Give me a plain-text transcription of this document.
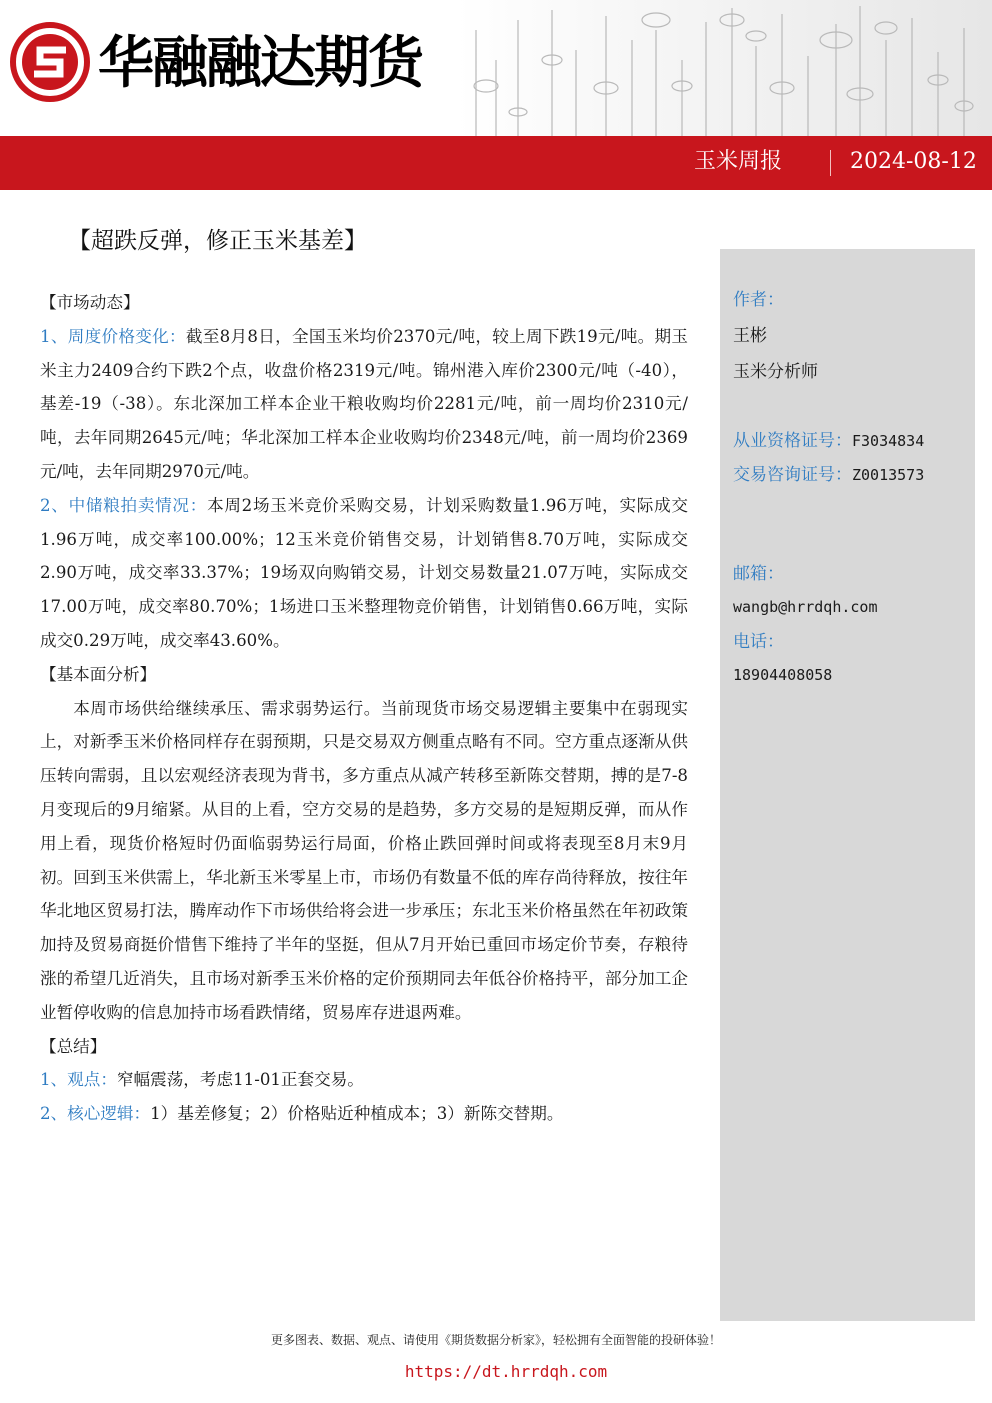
华融融达期货
玉米周报	2024-08-12
【超跌反弹，修正玉米基差】
作者：
王彬
玉米分析师
从业资格证号：F3034834
交易咨询证号：Z0013573
邮箱：
wangb@hrrdqh.com
电话：
18904408058

【市场动态】

1、周度价格变化：截至8月8日，全国玉米均价2370元/吨，较上周下跌19元/吨。期玉米主力2409合约下跌2个点，收盘价格2319元/吨。锦州港入库价2300元/吨（-40），基差-19（-38）。东北深加工样本企业干粮收购均价2281元/吨，前一周均价2310元/吨，去年同期2645元/吨；华北深加工样本企业收购均价2348元/吨，前一周均价2369元/吨，去年同期2970元/吨。

2、中储粮拍卖情况：本周2场玉米竞价采购交易，计划采购数量1.96万吨，实际成交1.96万吨，成交率100.00%；12玉米竞价销售交易，计划销售8.70万吨，实际成交2.90万吨，成交率33.37%；19场双向购销交易，计划交易数量21.07万吨，实际成交17.00万吨，成交率80.70%；1场进口玉米整理物竞价销售，计划销售0.66万吨，实际成交0.29万吨，成交率43.60%。

【基本面分析】

本周市场供给继续承压、需求弱势运行。当前现货市场交易逻辑主要集中在弱现实上，对新季玉米价格同样存在弱预期，只是交易双方侧重点略有不同。空方重点逐渐从供压转向需弱，且以宏观经济表现为背书，多方重点从减产转移至新陈交替期，搏的是7-8月变现后的9月缩紧。从目的上看，空方交易的是趋势，多方交易的是短期反弹，而从作用上看，现货价格短时仍面临弱势运行局面，价格止跌回弹时间或将表现至8月末9月初。回到玉米供需上，华北新玉米零星上市，市场仍有数量不低的库存尚待释放，按往年华北地区贸易打法，腾库动作下市场供给将会进一步承压；东北玉米价格虽然在年初政策加持及贸易商挺价惜售下维持了半年的坚挺，但从7月开始已重回市场定价节奏，存粮待涨的希望几近消失，且市场对新季玉米价格的定价预期同去年低谷价格持平，部分加工企业暂停收购的信息加持市场看跌情绪，贸易库存进退两难。

【总结】

1、观点：窄幅震荡，考虑11-01正套交易。

2、核心逻辑：1）基差修复；2）价格贴近种植成本；3）新陈交替期。

更多图表、数据、观点、请使用《期货数据分析家》，轻松拥有全面智能的投研体验！
https://dt.hrrdqh.com
